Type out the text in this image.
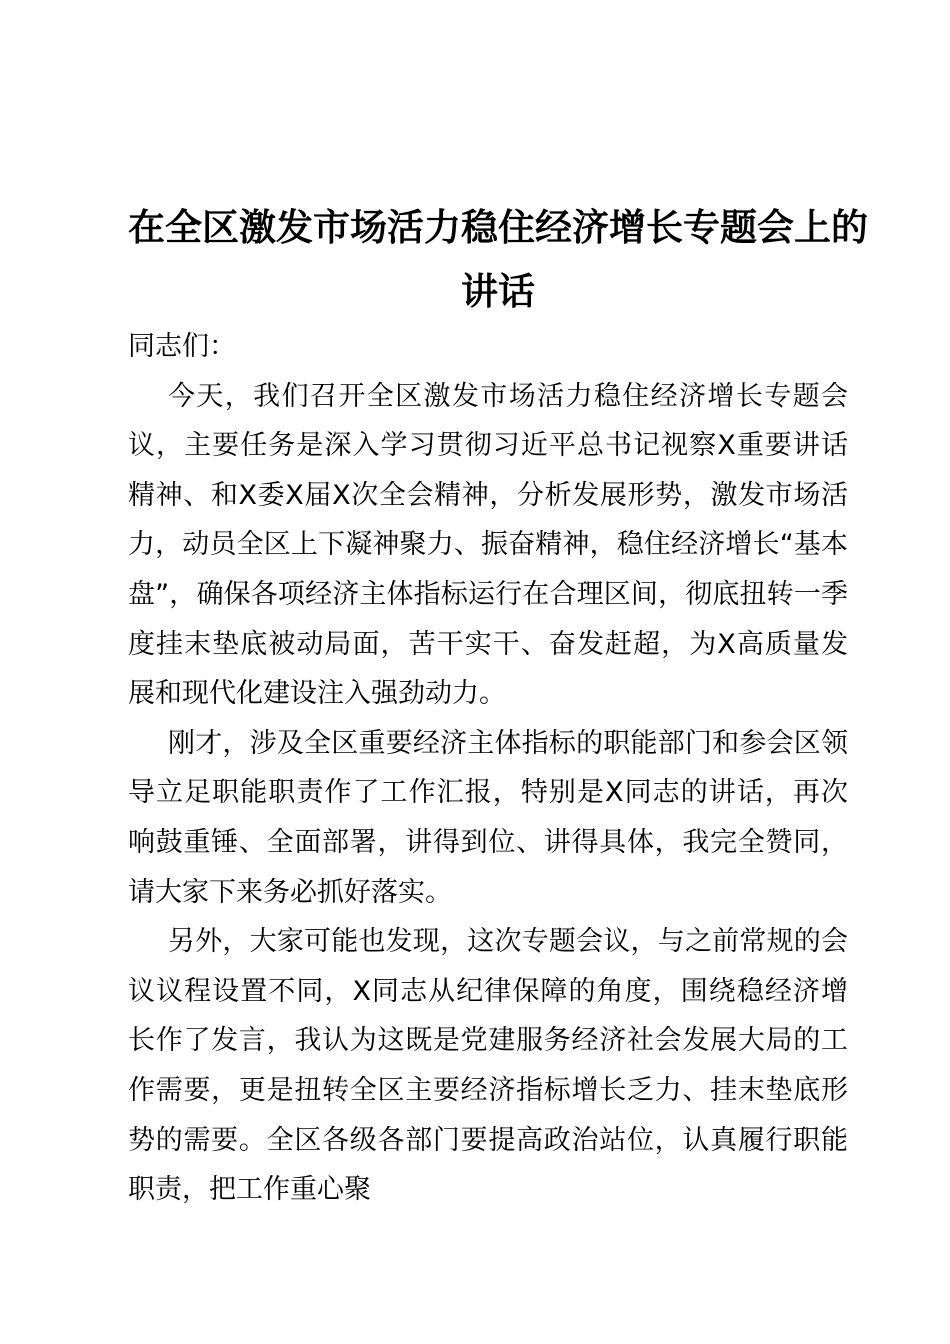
在全区激发市场活力稳住经济增长专题会上的讲话

同志们：

今天，我们召开全区激发市场活力稳住经济增长专题会议，主要任务是深入学习贯彻习近平总书记视察X重要讲话精神、和X委X届X次全会精神，分析发展形势，激发市场活力，动员全区上下凝神聚力、振奋精神，稳住经济增长“基本盘”，确保各项经济主体指标运行在合理区间，彻底扭转一季度挂末垫底被动局面，苦干实干、奋发赶超，为X高质量发展和现代化建设注入强劲动力。

刚才，涉及全区重要经济主体指标的职能部门和参会区领导立足职能职责作了工作汇报，特别是X同志的讲话，再次响鼓重锤、全面部署，讲得到位、讲得具体，我完全赞同，请大家下来务必抓好落实。

另外，大家可能也发现，这次专题会议，与之前常规的会议议程设置不同，X同志从纪律保障的角度，围绕稳经济增长作了发言，我认为这既是党建服务经济社会发展大局的工作需要，更是扭转全区主要经济指标增长乏力、挂末垫底形势的需要。全区各级各部门要提高政治站位，认真履行职能职责，把工作重心聚
